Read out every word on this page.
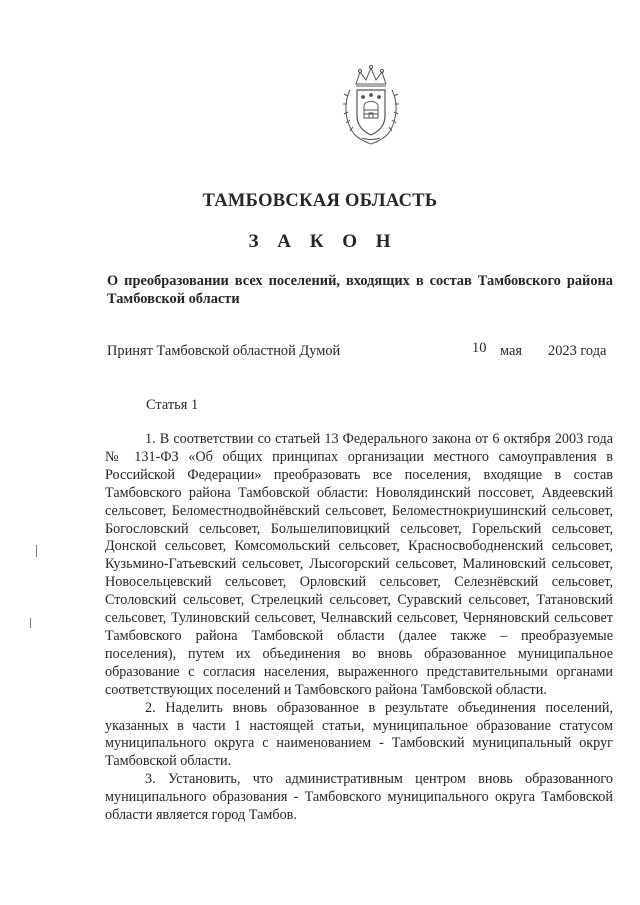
ТАМБОВСКАЯ ОБЛАСТЬ
З А К О Н
О преобразовании всех поселений, входящих в состав Тамбовского района Тамбовской области
Принят Тамбовской областной Думой	10 мая 2023 года
Статья 1

1. В соответствии со статьей 13 Федерального закона от 6 октября 2003 года № 131-ФЗ «Об общих принципах организации местного самоуправления в Российской Федерации» преобразовать все поселения, входящие в состав Тамбовского района Тамбовской области: Новолядинский поссовет, Авдеевский сельсовет, Беломестнодвойнёвский сельсовет, Беломестнокриушинский сельсовет, Богословский сельсовет, Большелиповицкий сельсовет, Горельский сельсовет, Донской сельсовет, Комсомольский сельсовет, Красносвободненский сельсовет, Кузьмино-Гатьевский сельсовет, Лысогорский сельсовет, Малиновский сельсовет, Новосельцевский сельсовет, Орловский сельсовет, Селезнёвский сельсовет, Столовский сельсовет, Стрелецкий сельсовет, Суравский сельсовет, Татановский сельсовет, Тулиновский сельсовет, Челнавский сельсовет, Черняновский сельсовет Тамбовского района Тамбовской области (далее также – преобразуемые поселения), путем их объединения во вновь образованное муниципальное образование с согласия населения, выраженного представительными органами соответствующих поселений и Тамбовского района Тамбовской области.

2. Наделить вновь образованное в результате объединения поселений, указанных в части 1 настоящей статьи, муниципальное образование статусом муниципального округа с наименованием - Тамбовский муниципальный округ Тамбовской области.

3. Установить, что административным центром вновь образованного муниципального образования - Тамбовского муниципального округа Тамбовской области является город Тамбов.
